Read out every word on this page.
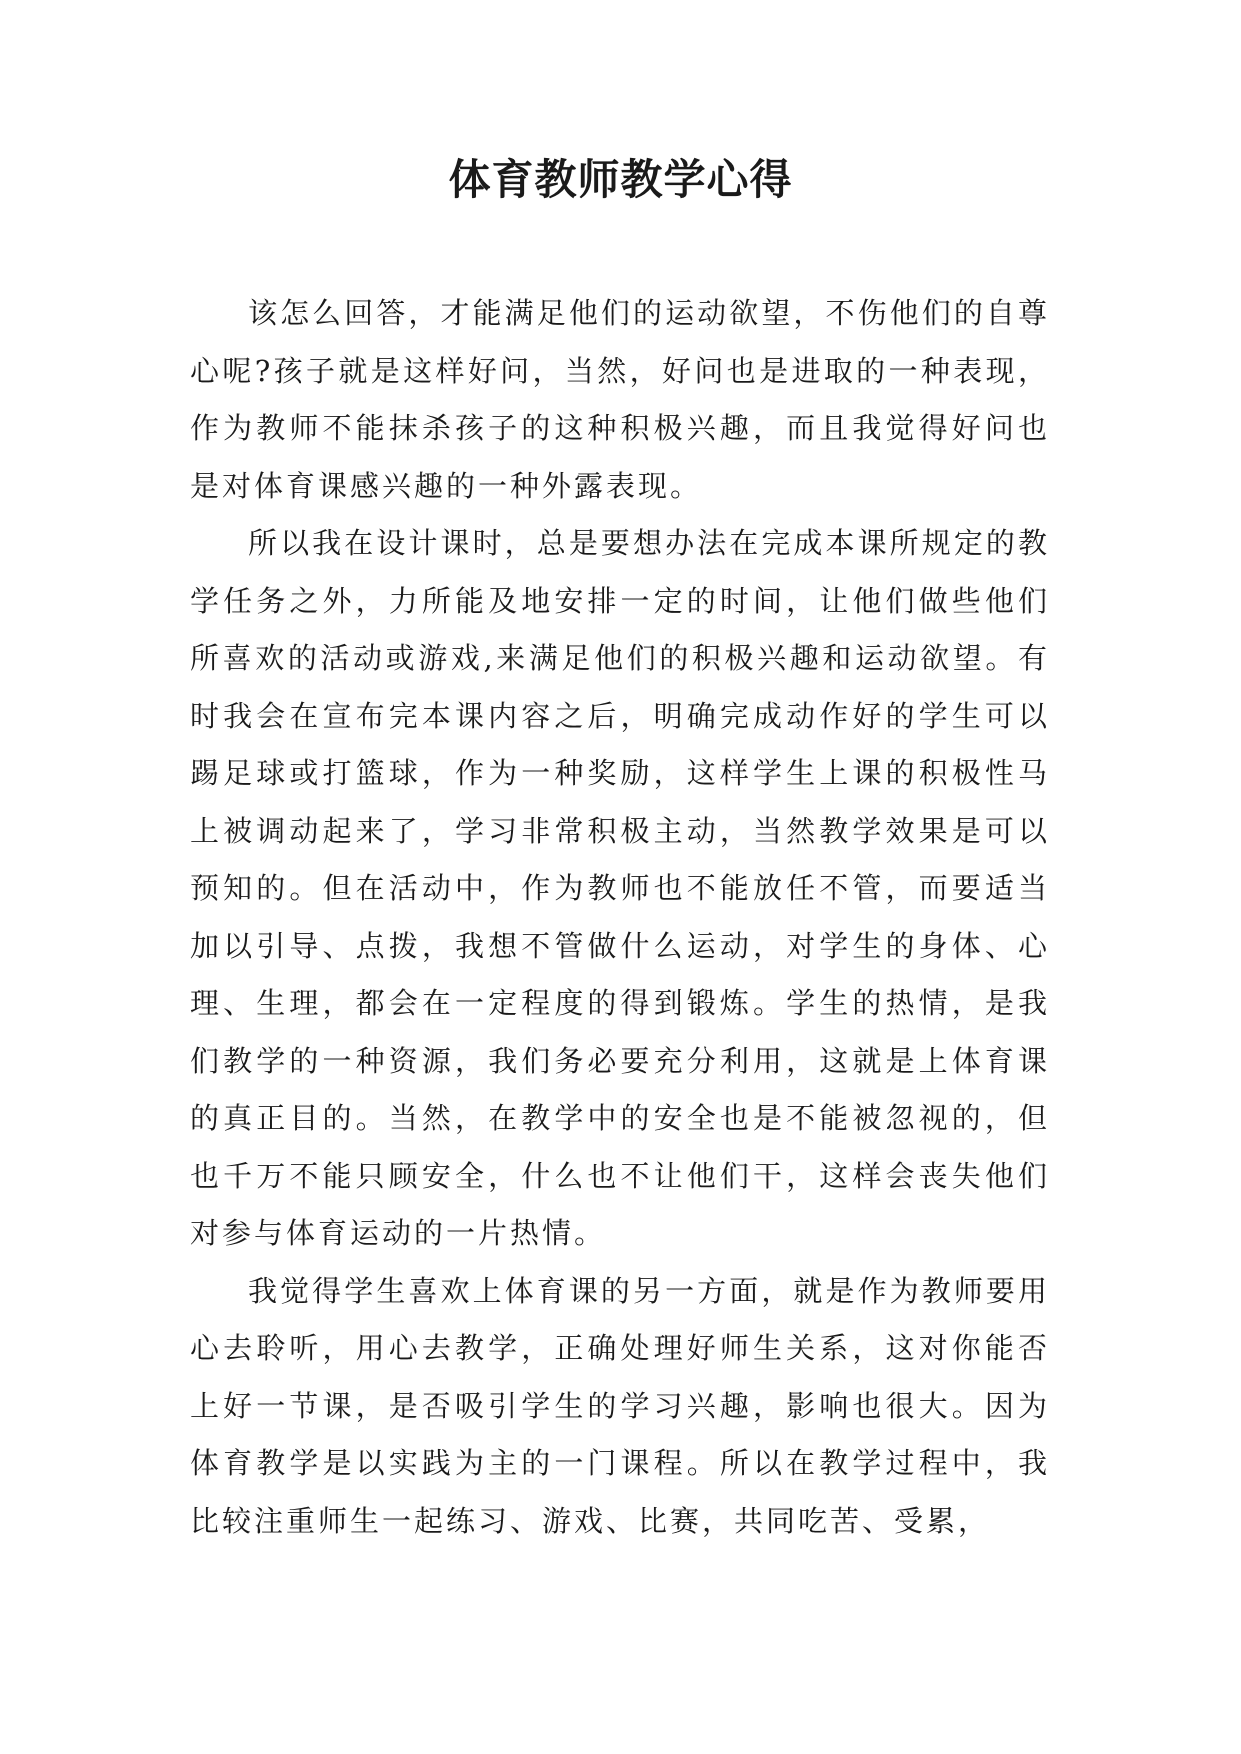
体育教师教学心得

该怎么回答，才能满足他们的运动欲望，不伤他们的自尊心呢?孩子就是这样好问，当然，好问也是进取的一种表现，作为教师不能抹杀孩子的这种积极兴趣，而且我觉得好问也是对体育课感兴趣的一种外露表现。

所以我在设计课时，总是要想办法在完成本课所规定的教学任务之外，力所能及地安排一定的时间，让他们做些他们所喜欢的活动或游戏,来满足他们的积极兴趣和运动欲望。有时我会在宣布完本课内容之后，明确完成动作好的学生可以踢足球或打篮球，作为一种奖励，这样学生上课的积极性马上被调动起来了，学习非常积极主动，当然教学效果是可以预知的。但在活动中，作为教师也不能放任不管，而要适当加以引导、点拨，我想不管做什么运动，对学生的身体、心理、生理，都会在一定程度的得到锻炼。学生的热情，是我们教学的一种资源，我们务必要充分利用，这就是上体育课的真正目的。当然，在教学中的安全也是不能被忽视的，但也千万不能只顾安全，什么也不让他们干，这样会丧失他们对参与体育运动的一片热情。

我觉得学生喜欢上体育课的另一方面，就是作为教师要用心去聆听，用心去教学，正确处理好师生关系，这对你能否上好一节课，是否吸引学生的学习兴趣，影响也很大。因为体育教学是以实践为主的一门课程。所以在教学过程中，我比较注重师生一起练习、游戏、比赛，共同吃苦、受累，
